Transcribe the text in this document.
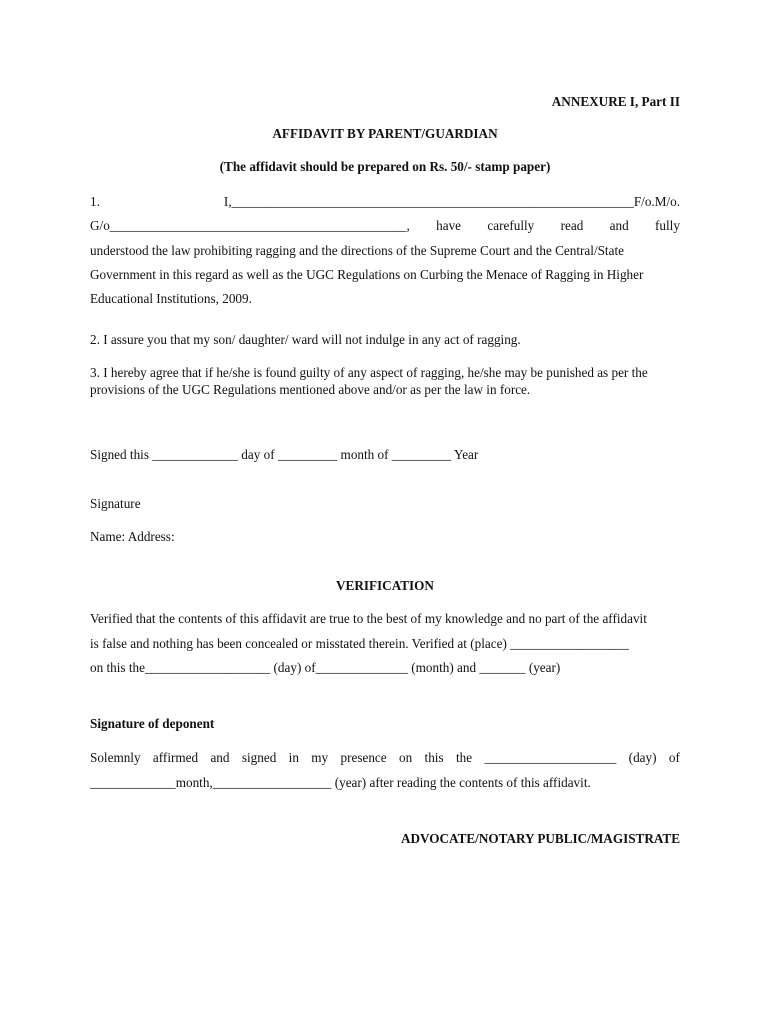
ANNEXURE I, Part II
AFFIDAVIT BY PARENT/GUARDIAN
(The affidavit should be prepared on Rs. 50/- stamp paper)
1.	I,_____________________________________________________________F/o.M/o.
G/o_____________________________________________, have carefully read and fully
understood the law prohibiting ragging and the directions of the Supreme Court and the Central/State
Government in this regard as well as the UGC Regulations on Curbing the Menace of Ragging in Higher
Educational Institutions, 2009.
2. I assure you that my son/ daughter/ ward will not indulge in any act of ragging.
3. I hereby agree that if he/she is found guilty of any aspect of ragging, he/she may be punished as per the
provisions of the UGC Regulations mentioned above and/or as per the law in force.
Signed this _____________ day of _________ month of _________ Year
Signature
Name: Address:
VERIFICATION
Verified that the contents of this affidavit are true to the best of my knowledge and no part of the affidavit
is false and nothing has been concealed or misstated therein. Verified at (place) __________________
on this the___________________ (day) of______________ (month) and _______ (year)
Signature of deponent
Solemnly affirmed and signed in my presence on this the ____________________ (day) of
_____________month,__________________ (year) after reading the contents of this affidavit.
ADVOCATE/NOTARY PUBLIC/MAGISTRATE
